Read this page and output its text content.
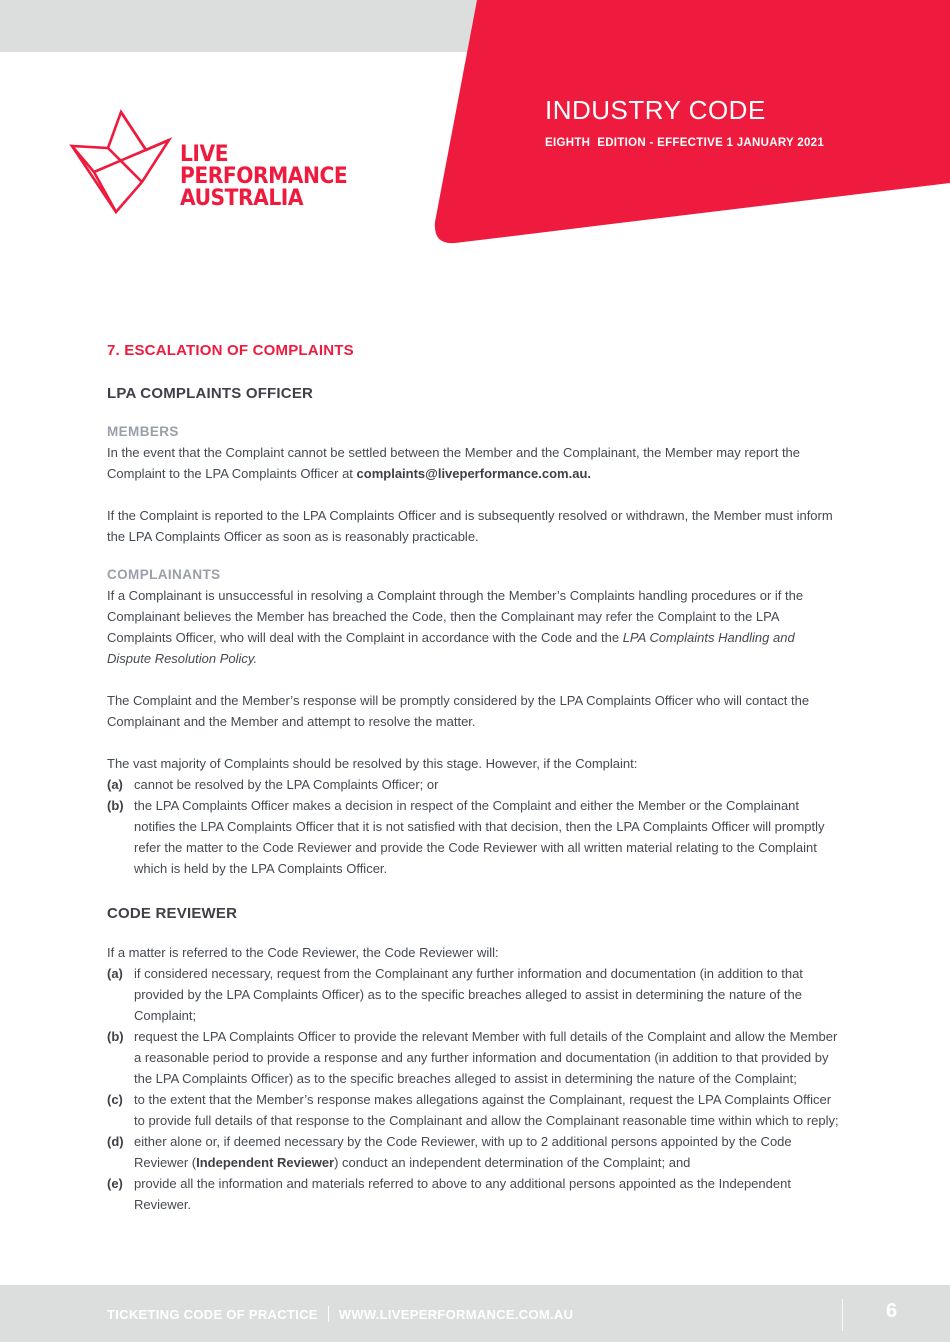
LIVE
PERFORMANCE
AUSTRALIA
INDUSTRY CODE
EIGHTH  EDITION - EFFECTIVE 1 JANUARY 2021
7. ESCALATION OF COMPLAINTS
LPA COMPLAINTS OFFICER
MEMBERS

In the event that the Complaint cannot be settled between the Member and the Complainant, the Member may report the Complaint to the LPA Complaints Officer at complaints@liveperformance.com.au.

If the Complaint is reported to the LPA Complaints Officer and is subsequently resolved or withdrawn, the Member must inform the LPA Complaints Officer as soon as is reasonably practicable.

COMPLAINANTS

If a Complainant is unsuccessful in resolving a Complaint through the Member’s Complaints handling procedures or if the Complainant believes the Member has breached the Code, then the Complainant may refer the Complaint to the LPA Complaints Officer, who will deal with the Complaint in accordance with the Code and the LPA Complaints Handling and Dispute Resolution Policy.

The Complaint and the Member’s response will be promptly considered by the LPA Complaints Officer who will contact the Complainant and the Member and attempt to resolve the matter.

The vast majority of Complaints should be resolved by this stage. However, if the Complaint:

(a) cannot be resolved by the LPA Complaints Officer; or
(b) the LPA Complaints Officer makes a decision in respect of the Complaint and either the Member or the Complainant notifies the LPA Complaints Officer that it is not satisfied with that decision, then the LPA Complaints Officer will promptly refer the matter to the Code Reviewer and provide the Code Reviewer with all written material relating to the Complaint which is held by the LPA Complaints Officer.
CODE REVIEWER

If a matter is referred to the Code Reviewer, the Code Reviewer will:

(a) if considered necessary, request from the Complainant any further information and documentation (in addition to that provided by the LPA Complaints Officer) as to the specific breaches alleged to assist in determining the nature of the Complaint;
(b) request the LPA Complaints Officer to provide the relevant Member with full details of the Complaint and allow the Member a reasonable period to provide a response and any further information and documentation (in addition to that provided by the LPA Complaints Officer) as to the specific breaches alleged to assist in determining the nature of the Complaint;
(c) to the extent that the Member’s response makes allegations against the Complainant, request the LPA Complaints Officer to provide full details of that response to the Complainant and allow the Complainant reasonable time within which to reply;
(d) either alone or, if deemed necessary by the Code Reviewer, with up to 2 additional persons appointed by the Code Reviewer (Independent Reviewer) conduct an independent determination of the Complaint; and
(e) provide all the information and materials referred to above to any additional persons appointed as the Independent Reviewer.
TICKETING CODE OF PRACTICE WWW.LIVEPERFORMANCE.COM.AU	6
